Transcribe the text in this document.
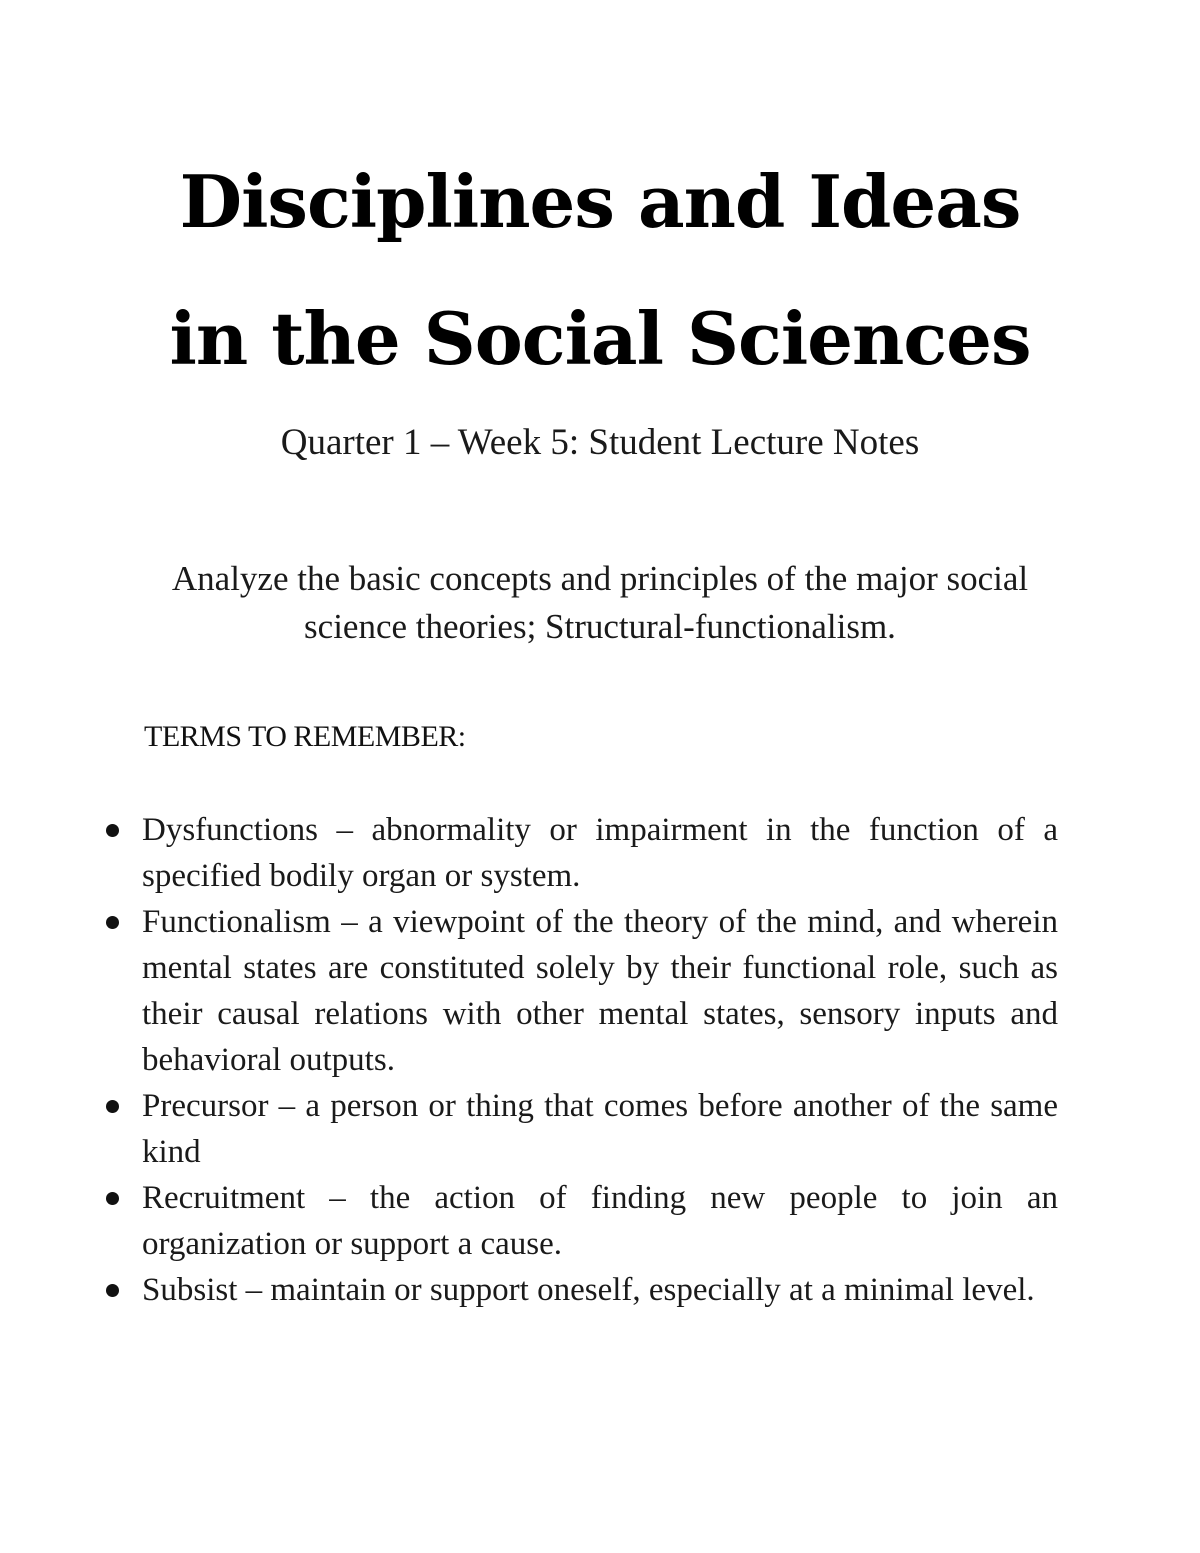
Disciplines and Ideas
in the Social Sciences

Quarter 1 – Week 5: Student Lecture Notes

Analyze the basic concepts and principles of the major social science theories; Structural-functionalism.

TERMS TO REMEMBER:

Dysfunctions – abnormality or impairment in the function of a specified bodily organ or system.
Functionalism – a viewpoint of the theory of the mind, and wherein mental states are constituted solely by their functional role, such as their causal relations with other mental states, sensory inputs and behavioral outputs.
Precursor – a person or thing that comes before another of the same kind
Recruitment – the action of finding new people to join an organization or support a cause.
Subsist – maintain or support oneself, especially at a minimal level.
